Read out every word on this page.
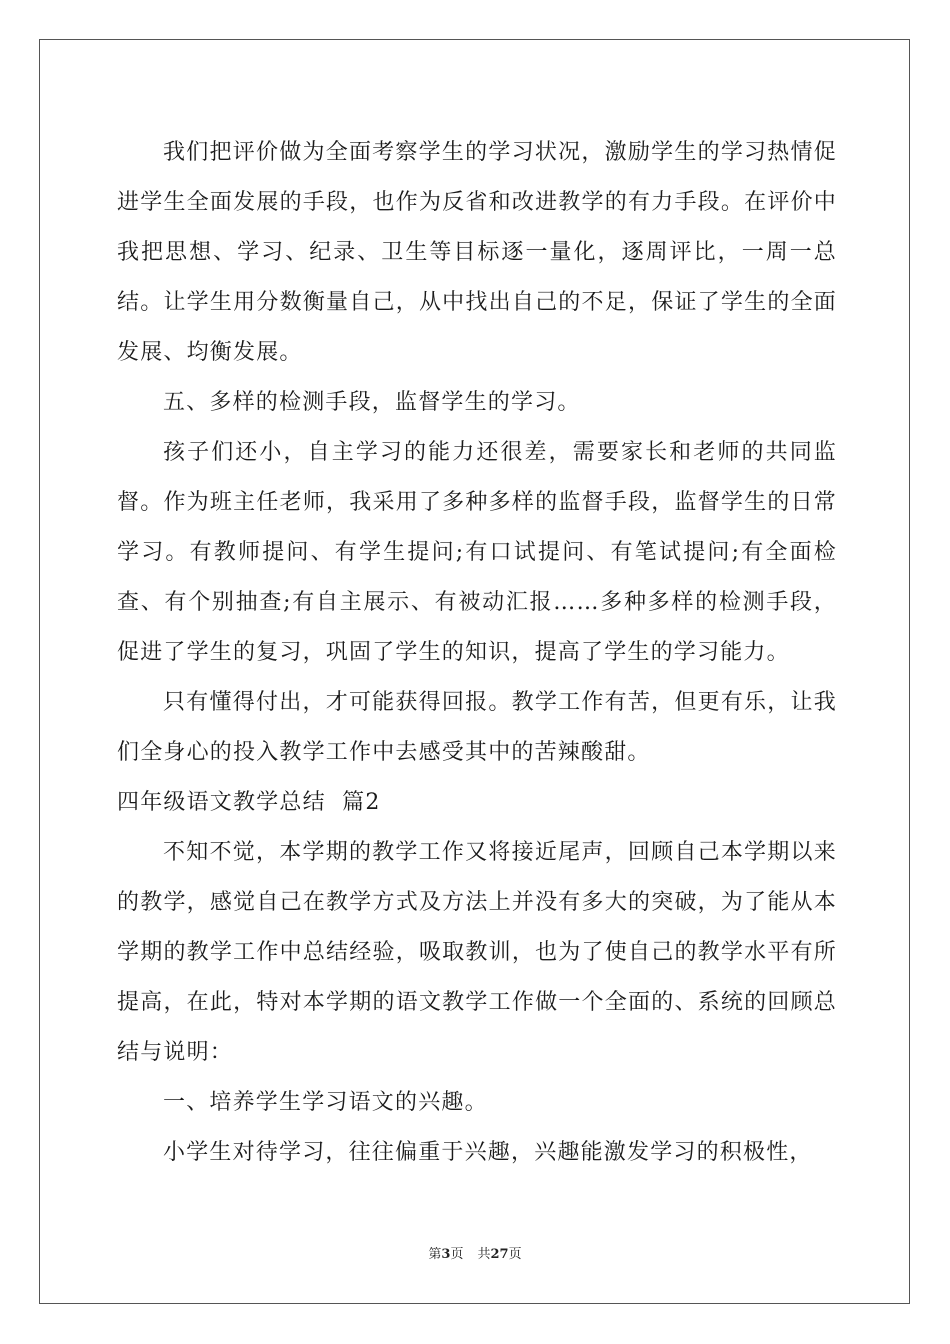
我们把评价做为全面考察学生的学习状况，激励学生的学习热情促进学生全面发展的手段，也作为反省和改进教学的有力手段。在评价中我把思想、学习、纪录、卫生等目标逐一量化，逐周评比，一周一总结。让学生用分数衡量自己，从中找出自己的不足，保证了学生的全面发展、均衡发展。

五、多样的检测手段，监督学生的学习。

孩子们还小，自主学习的能力还很差，需要家长和老师的共同监督。作为班主任老师，我采用了多种多样的监督手段，监督学生的日常学习。有教师提问、有学生提问;有口试提问、有笔试提问;有全面检查、有个别抽查;有自主展示、有被动汇报……多种多样的检测手段，促进了学生的复习，巩固了学生的知识，提高了学生的学习能力。

只有懂得付出，才可能获得回报。教学工作有苦，但更有乐，让我们全身心的投入教学工作中去感受其中的苦辣酸甜。

四年级语文教学总结  篇2

不知不觉，本学期的教学工作又将接近尾声，回顾自己本学期以来的教学，感觉自己在教学方式及方法上并没有多大的突破，为了能从本学期的教学工作中总结经验，吸取教训，也为了使自己的教学水平有所提高，在此，特对本学期的语文教学工作做一个全面的、系统的回顾总结与说明：

一、培养学生学习语文的兴趣。

小学生对待学习，往往偏重于兴趣，兴趣能激发学习的积极性，

第3页 共27页
